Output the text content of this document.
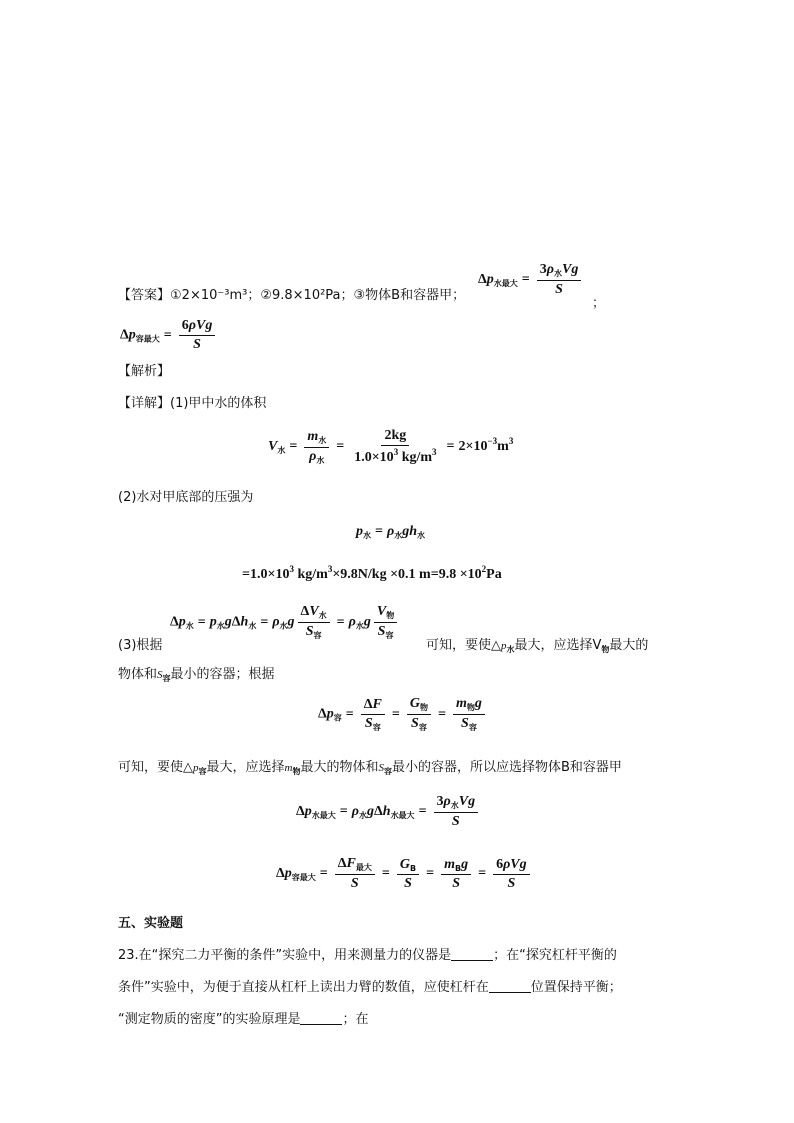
【答案】①2×10⁻³m³；②9.8×10²Pa；③物体B和容器甲；
$\Delta p_{水最大} = \frac{3\rho_水Vg}{S}$
；
$\Delta p_{容最大} = \frac{\text{6ρVg}}{S}$
【解析】
【详解】(1)甲中水的体积
$V_水 = \frac{m_水}{\rho_水} = \frac{2kg}{1.0\times 10^3 kg/m^3} = 2\times 10^{-3}m^3$
(2)水对甲底部的压强为
$p_水 = \rho_水gh_水$
$=1.0\times 10^3$ $kg/m^3\times 9.8N/kg \times 0.1$ $m=9.8 \times 10^2Pa$
$\Delta p_水 = p_水g\Delta h_水 = \rho_水g \frac{\Delta V_水}{S_容} = \rho_水g \frac{V_物}{S_容}$
(3)根据	可知，要使$\triangle p_水$最大，应选择$V_物$最大的
物体和$S_容$最小的容器；根据
$\Delta p_容 = \frac{\Delta F}{S_容} = \frac{G_物}{S_容} = \frac{m_物g}{S_容}$
可知，要使$\triangle p_容$最大，应选择$m_物$最大的物体和$S_容$最小的容器，所以应选择物体B和容器甲
$\Delta p_{水最大} = \rho_水g\Delta h_{水最大} = \frac{3\rho_水Vg}{S}$
$\Delta p_{容最大} = \frac{\Delta F_{最大}}{S} = \frac{G_B}{S} = \frac{m_Bg}{S} = \frac{\text{6ρVg}}{S}$
五、实验题
23.在“探究二力平衡的条件”实验中，用来测量力的仪器是	；在“探究杠杆平衡的
条件”实验中，为便于直接从杠杆上读出力臂的数值，应使杠杆在	位置保持平衡；
“测定物质的密度”的实验原理是	；在
